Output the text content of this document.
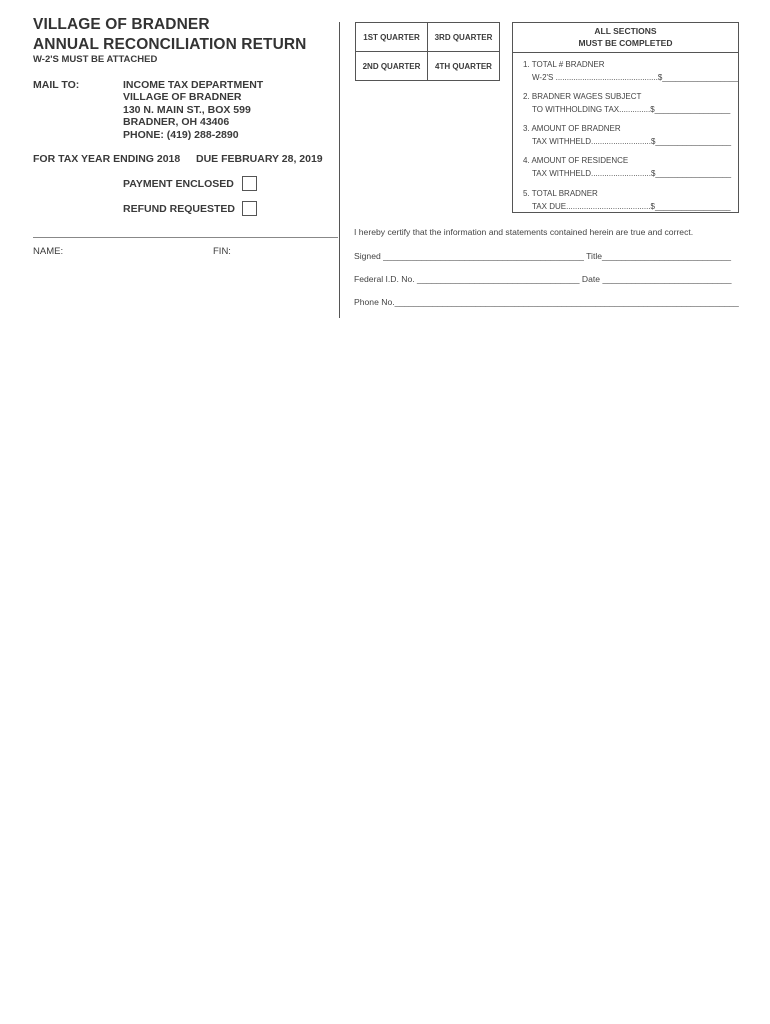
VILLAGE OF BRADNER
ANNUAL RECONCILIATION RETURN
W-2'S MUST BE ATTACHED
MAIL TO:	INCOME TAX DEPARTMENT
VILLAGE OF BRADNER
130 N. MAIN ST., BOX 599
BRADNER, OH 43406
PHONE: (419) 288-2890
FOR TAX YEAR ENDING 2018 DUE FEBRUARY 28, 2019
PAYMENT ENCLOSED
REFUND REQUESTED
NAME:	FIN:
1ST QUARTER 3RD QUARTER
2ND QUARTER 4TH QUARTER
ALL SECTIONS
MUST BE COMPLETED
1. TOTAL # BRADNER
W-2'S ..............................................$_________________
2. BRADNER WAGES SUBJECT
TO WITHHOLDING TAX..............$_________________
3. AMOUNT OF BRADNER
TAX WITHHELD...........................$_________________
4. AMOUNT OF RESIDENCE
TAX WITHHELD...........................$_________________
5. TOTAL BRADNER
TAX DUE......................................$_________________
I hereby certify that the information and statements contained herein are true and correct.
Signed __________________________________________ Title___________________________
Federal I.D. No. __________________________________ Date ___________________________
Phone No.________________________________________________________________________
